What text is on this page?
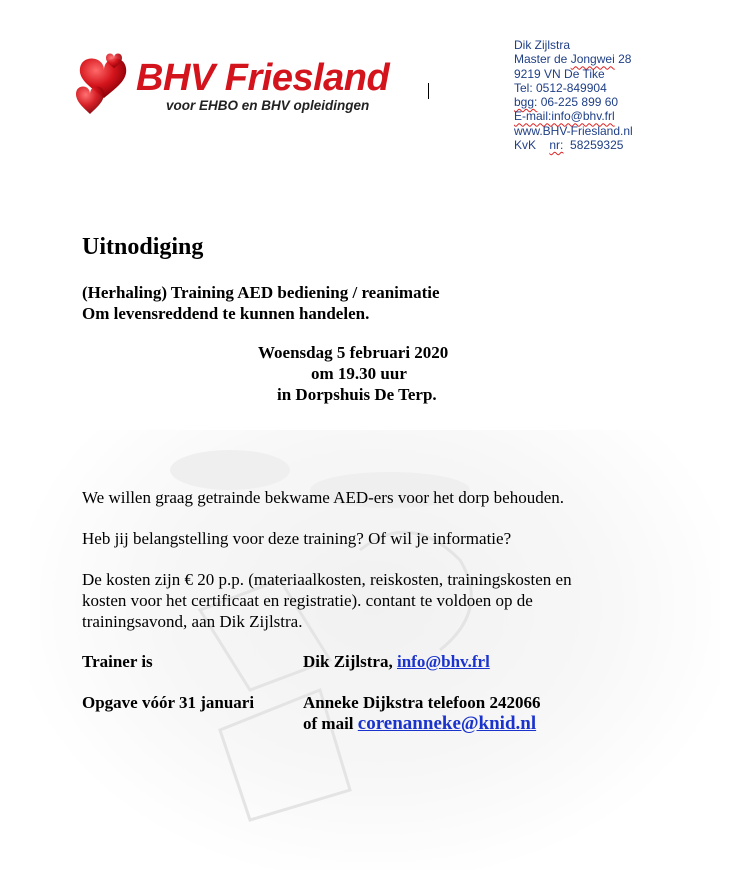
BHV Friesland
voor EHBO en BHV opleidingen
Dik Zijlstra
Master de Jongwei 28
9219 VN De Tike
Tel: 0512-849904
bgg: 06-225 899 60
E-mail:info@bhv.frl
www.BHV-Friesland.nl
KvK nr: 58259325
Uitnodiging
(Herhaling) Training AED bediening / reanimatie
Om levensreddend te kunnen handelen.
Woensdag 5 februari 2020
om 19.30 uur
in Dorpshuis De Terp.
We willen graag getrainde bekwame AED-ers voor het dorp behouden.
Heb jij belangstelling voor deze training? Of wil je informatie?
De kosten zijn € 20 p.p. (materiaalkosten, reiskosten, trainingskosten en
kosten voor het certificaat en registratie). contant te voldoen op de
trainingsavond, aan Dik Zijlstra.
Trainer is	Dik Zijlstra, info@bhv.frl
Opgave vóór 31 januari	Anneke Dijkstra telefoon 242066
of mail corenanneke@knid.nl
